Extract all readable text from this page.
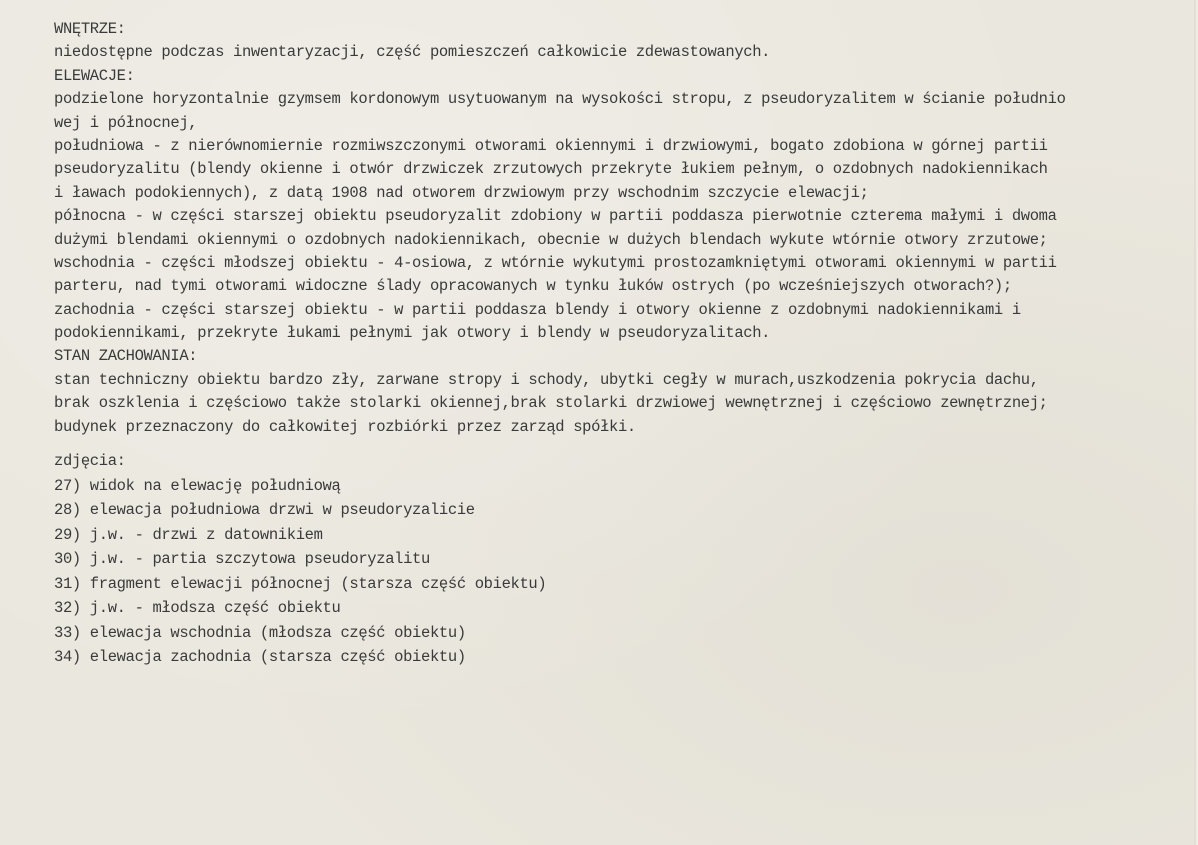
WNĘTRZE:
niedostępne podczas inwentaryzacji, część pomieszczeń całkowicie zdewastowanych.
ELEWACJE:
podzielone horyzontalnie gzymsem kordonowym usytuowanym na wysokości stropu, z pseudoryzalitem w ścianie południo
wej i północnej,
południowa - z nierównomiernie rozmiwszczonymi otworami okiennymi i drzwiowymi, bogato zdobiona w górnej partii
pseudoryzalitu (blendy okienne i otwór drzwiczek zrzutowych przekryte łukiem pełnym, o ozdobnych nadokiennikach
i ławach podokiennych), z datą 1908 nad otworem drzwiowym przy wschodnim szczycie elewacji;
północna - w części starszej obiektu pseudoryzalit zdobiony w partii poddasza pierwotnie czterema małymi i dwoma
dużymi blendami okiennymi o ozdobnych nadokiennikach, obecnie w dużych blendach wykute wtórnie otwory zrzutowe;
wschodnia - części młodszej obiektu - 4-osiowa, z wtórnie wykutymi prostozamkniętymi otworami okiennymi w partii
parteru, nad tymi otworami widoczne ślady opracowanych w tynku łuków ostrych (po wcześniejszych otworach?);
zachodnia - części starszej obiektu - w partii poddasza blendy i otwory okienne z ozdobnymi nadokiennikami i
podokiennikami, przekryte łukami pełnymi jak otwory i blendy w pseudoryzalitach.
STAN ZACHOWANIA:
stan techniczny obiektu bardzo zły, zarwane stropy i schody, ubytki cegły w murach,uszkodzenia pokrycia dachu,
brak oszklenia i częściowo także stolarki okiennej,brak stolarki drzwiowej wewnętrznej i częściowo zewnętrznej;
budynek przeznaczony do całkowitej rozbiórki przez zarząd spółki.
zdjęcia:
27) widok na elewację południową
28) elewacja południowa drzwi w pseudoryzalicie
29) j.w. - drzwi z datownikiem
30) j.w. - partia szczytowa pseudoryzalitu
31) fragment elewacji północnej (starsza część obiektu)
32) j.w. - młodsza część obiektu
33) elewacja wschodnia (młodsza część obiektu)
34) elewacja zachodnia (starsza część obiektu)
